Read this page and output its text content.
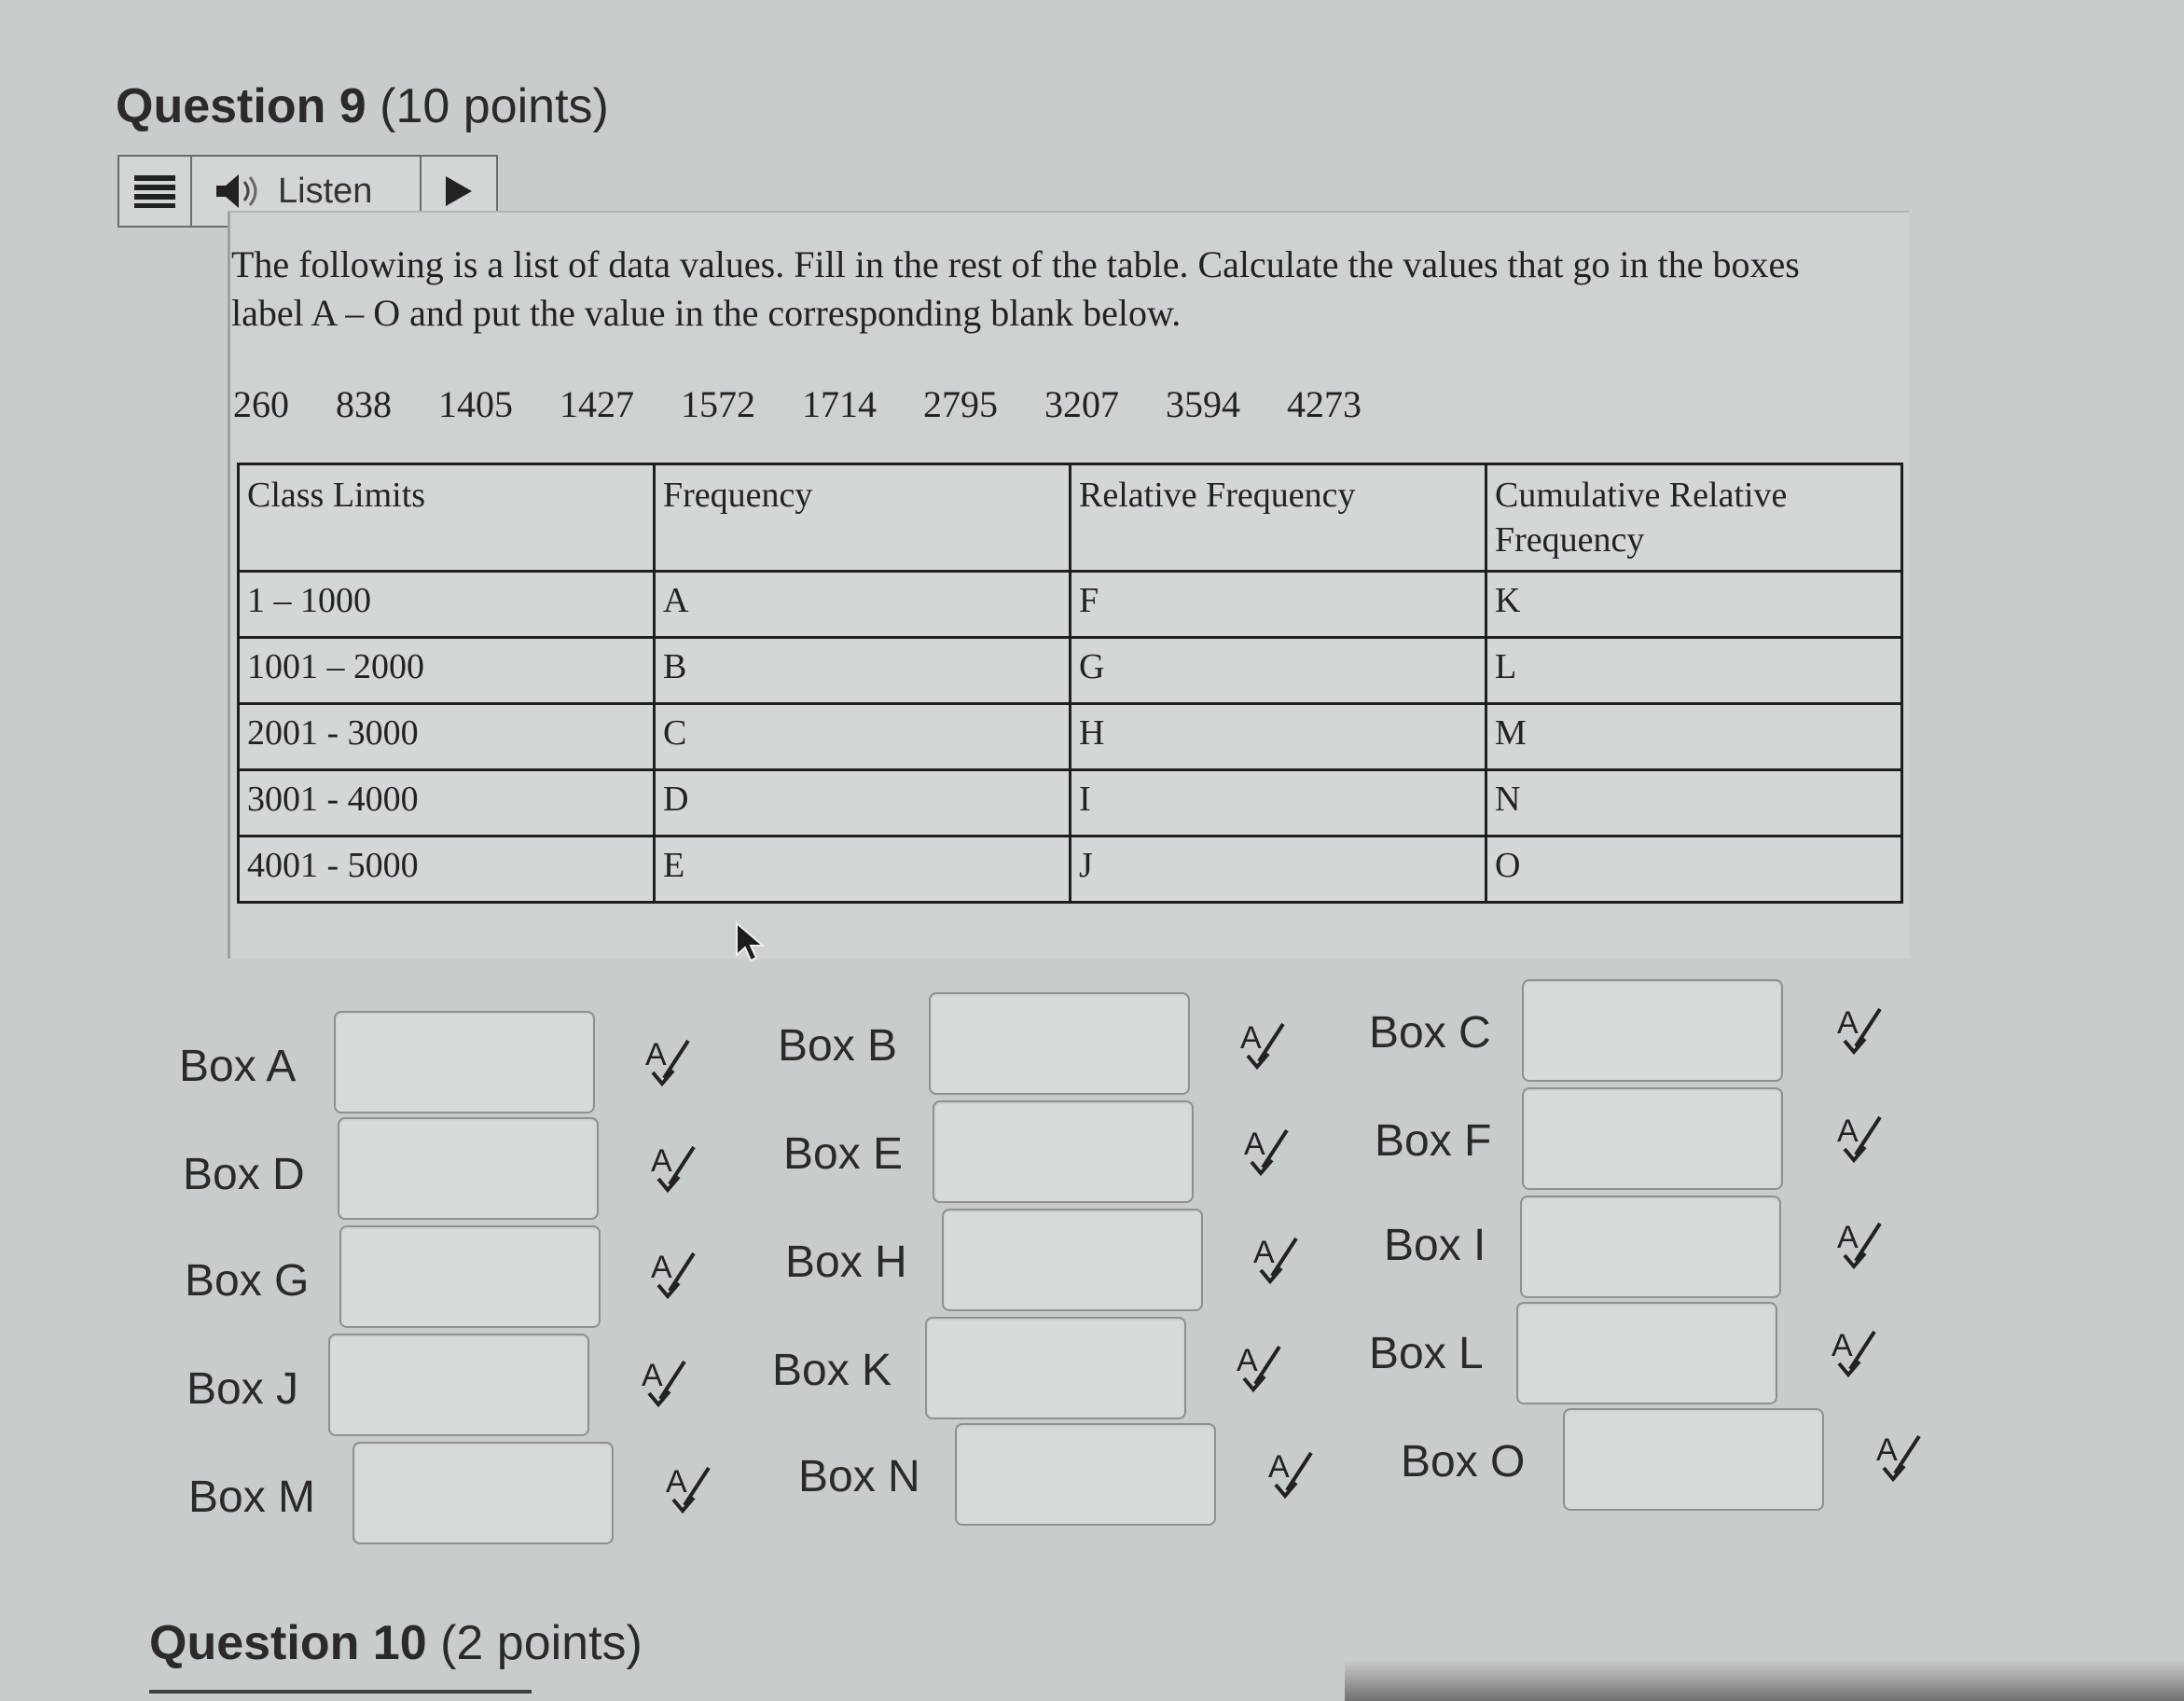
Question 9 (10 points)
Listen
The following is a list of data values. Fill in the rest of the table. Calculate the values that go in the boxes label A – O and put the value in the corresponding blank below.
260 838 1405 1427 1572 1714 2795 3207 3594 4273
Class Limits	Frequency	Relative Frequency	Cumulative Relative Frequency
1 – 1000	A	F	K
1001 – 2000	B	G	L
2001 - 3000	C	H	M
3001 - 4000	D	I	N
4001 - 5000	E	J	O
Box A	A Box B	A Box C	A
Box D	A Box E	A Box F	A
Box G	A	Box H	A Box I	A
Box J	A Box K	A Box L	A
Box M	A Box N	A Box O	A
Question 10 (2 points)
